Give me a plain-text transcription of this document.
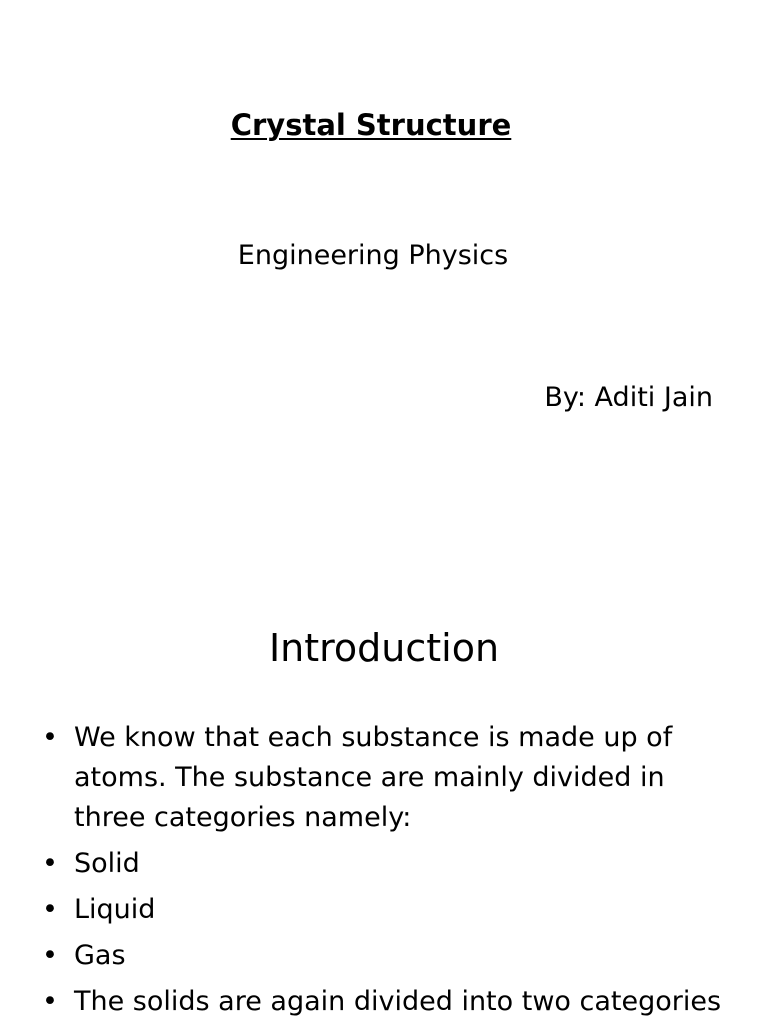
Crystal Structure
Engineering Physics
By: Aditi Jain
Introduction
• We know that each substance is made up of atoms. The substance are mainly divided in three categories namely:
• Solid
• Liquid
• Gas
• The solids are again divided into two categories
